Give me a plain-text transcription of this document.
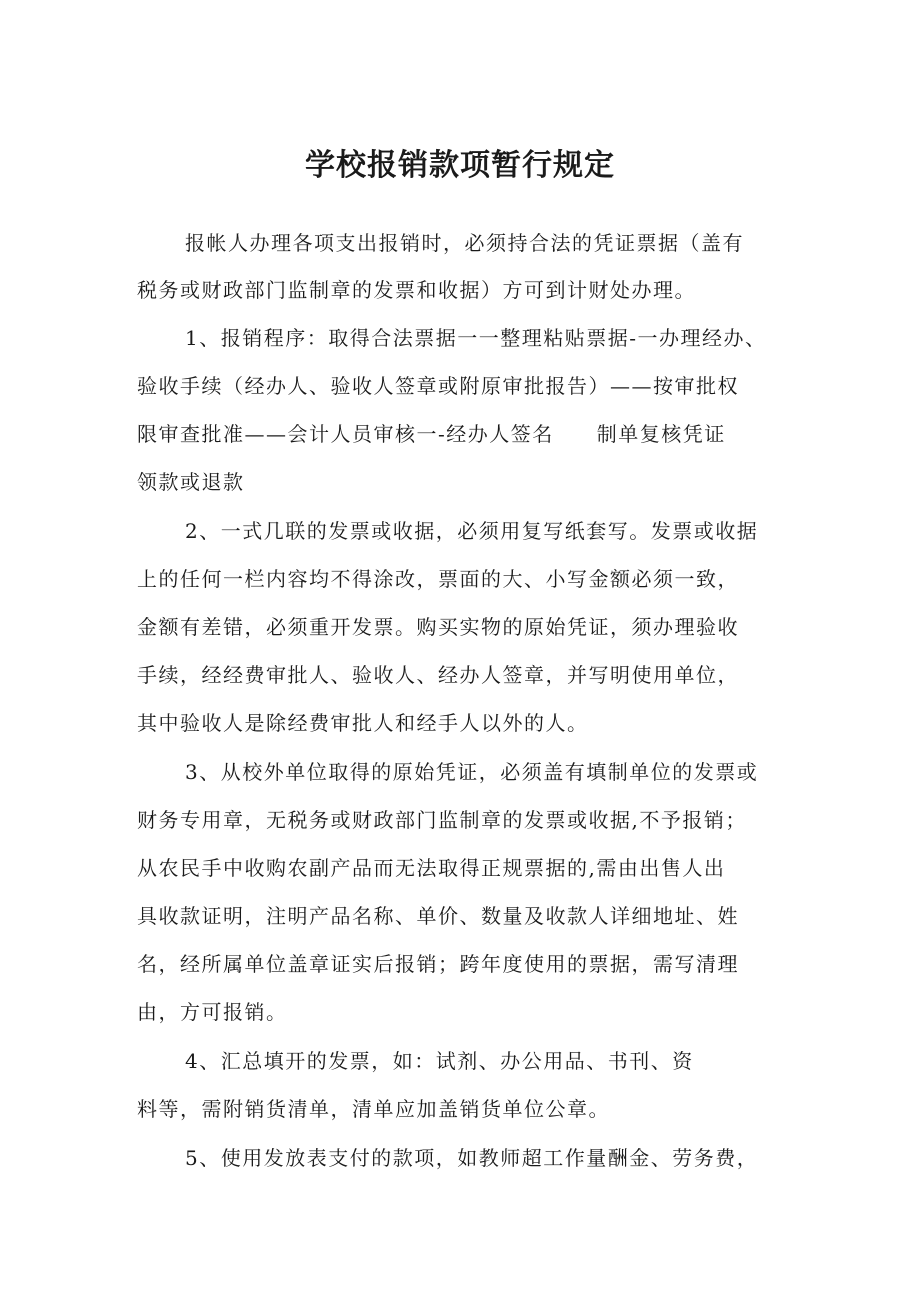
学校报销款项暂行规定
报帐人办理各项支出报销时，必须持合法的凭证票据（盖有
税务或财政部门监制章的发票和收据）方可到计财处办理。
1、报销程序：取得合法票据一一整理粘贴票据-一办理经办、
验收手续（经办人、验收人签章或附原审批报告）——按审批权
限审查批准——会计人员审核一-经办人签名　　制单复核凭证
领款或退款
2、一式几联的发票或收据，必须用复写纸套写。发票或收据
上的任何一栏内容均不得涂改，票面的大、小写金额必须一致，
金额有差错，必须重开发票。购买实物的原始凭证，须办理验收
手续，经经费审批人、验收人、经办人签章，并写明使用单位，
其中验收人是除经费审批人和经手人以外的人。
3、从校外单位取得的原始凭证，必须盖有填制单位的发票或
财务专用章，无税务或财政部门监制章的发票或收据,不予报销；
从农民手中收购农副产品而无法取得正规票据的,需由出售人出
具收款证明，注明产品名称、单价、数量及收款人详细地址、姓
名，经所属单位盖章证实后报销；跨年度使用的票据，需写清理
由，方可报销。
4、汇总填开的发票，如：试剂、办公用品、书刊、资
料等，需附销货清单，清单应加盖销货单位公章。
5、使用发放表支付的款项，如教师超工作量酬金、劳务费，
